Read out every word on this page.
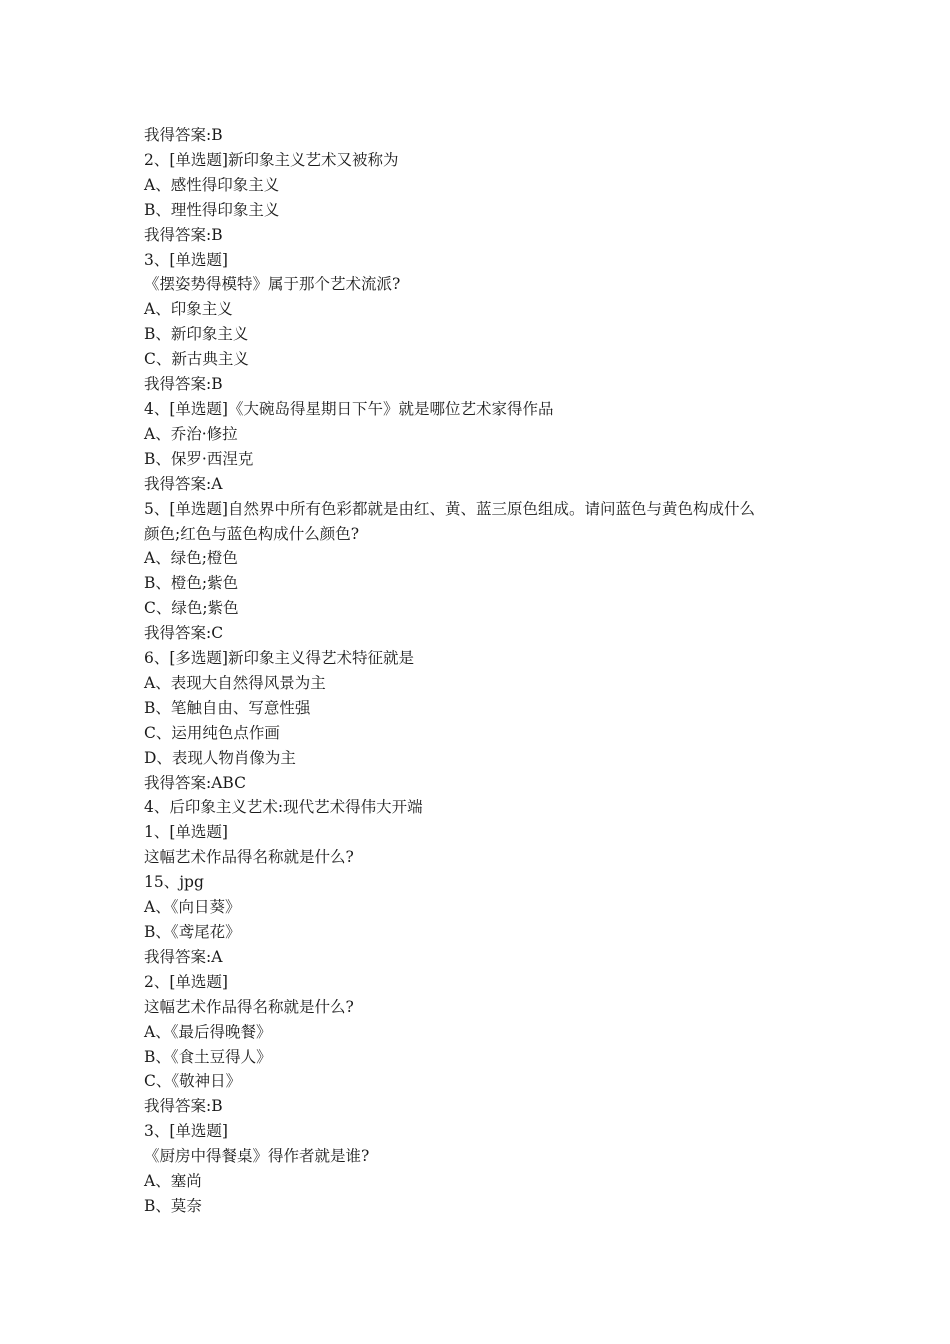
我得答案:B
2、[单选题]新印象主义艺术又被称为
A、感性得印象主义
B、理性得印象主义
我得答案:B
3、[单选题]
《摆姿势得模特》属于那个艺术流派?
A、印象主义
B、新印象主义
C、新古典主义
我得答案:B
4、[单选题]《大碗岛得星期日下午》就是哪位艺术家得作品
A、乔治·修拉
B、保罗·西涅克
我得答案:A
5、[单选题]自然界中所有色彩都就是由红、黄、蓝三原色组成。请问蓝色与黄色构成什么
颜色;红色与蓝色构成什么颜色?
A、绿色;橙色
B、橙色;紫色
C、绿色;紫色
我得答案:C
6、[多选题]新印象主义得艺术特征就是
A、表现大自然得风景为主
B、笔触自由、写意性强
C、运用纯色点作画
D、表现人物肖像为主
我得答案:ABC
4、后印象主义艺术:现代艺术得伟大开端
1、[单选题]
这幅艺术作品得名称就是什么?
15、jpg
A、《向日葵》
B、《鸢尾花》
我得答案:A
2、[单选题]
这幅艺术作品得名称就是什么?
A、《最后得晚餐》
B、《食土豆得人》
C、《敬神日》
我得答案:B
3、[单选题]
《厨房中得餐桌》得作者就是谁?
A、塞尚
B、莫奈
